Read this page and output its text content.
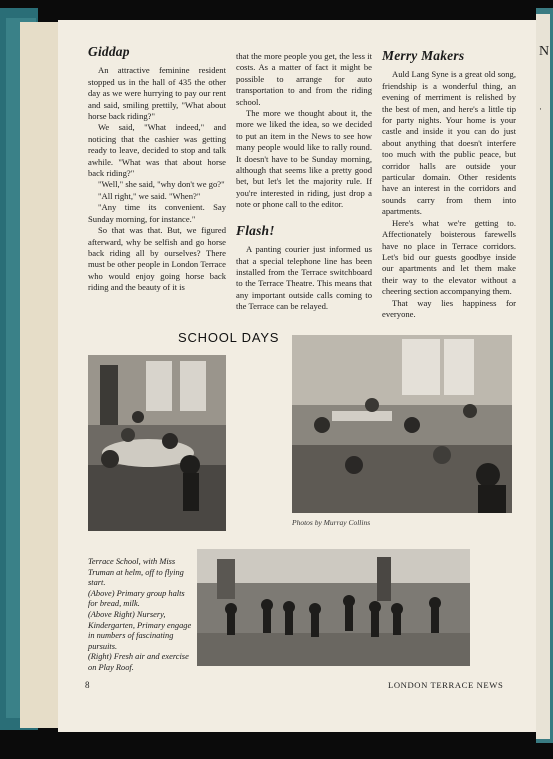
N
·
Giddap

An attractive feminine resident stopped us in the hall of 435 the other day as we were hurrying to pay our rent and said, smiling prettily, "What about horse back riding?"

We said, "What indeed," and noticing that the cashier was getting ready to leave, decided to stop and talk awhile. "What was that about horse back riding?"

"Well," she said, "why don't we go?"

"All right," we said. "When?"

"Any time its convenient. Say Sunday morning, for instance."

So that was that. But, we figured afterward, why be selfish and go horse back riding all by ourselves? There must be other people in London Terrace who would enjoy going horse back riding and the beauty of it is

that the more people you get, the less it costs. As a matter of fact it might be possible to arrange for auto transportation to and from the riding school.

The more we thought about it, the more we liked the idea, so we decided to put an item in the News to see how many people would like to rally round. It doesn't have to be Sunday morning, although that seems like a pretty good bet, but let's let the majority rule. If you're interested in riding, just drop a note or phone call to the editor.

Flash!

A panting courier just informed us that a special telephone line has been installed from the Terrace switchboard to the Terrace Theatre. This means that any important outside calls coming to the Terrace can be relayed.

Merry Makers

Auld Lang Syne is a great old song, friendship is a wonderful thing, an evening of merriment is relished by the best of men, and here's a little tip for party nights. Your home is your castle and inside it you can do just about anything that doesn't interfere too much with the public peace, but corridor halls are outside your particular domain. Other residents have an interest in the corridors and sounds carry from them into apartments.

Here's what we're getting to. Affectionately boisterous farewells have no place in Terrace corridors. Let's bid our guests goodbye inside our apartments and let them make their way to the elevator without a cheering section accompanying them.

That way lies happiness for everyone.

SCHOOL DAYS
Photos by Murray Collins
Terrace School, with Miss Truman at helm, off to flying start.
(Above) Primary group halts for bread, milk.
(Above Right) Nursery, Kindergarten, Primary engage in numbers of fascinating pursuits.
(Right) Fresh air and exercise on Play Roof.
8	LONDON TERRACE NEWS
